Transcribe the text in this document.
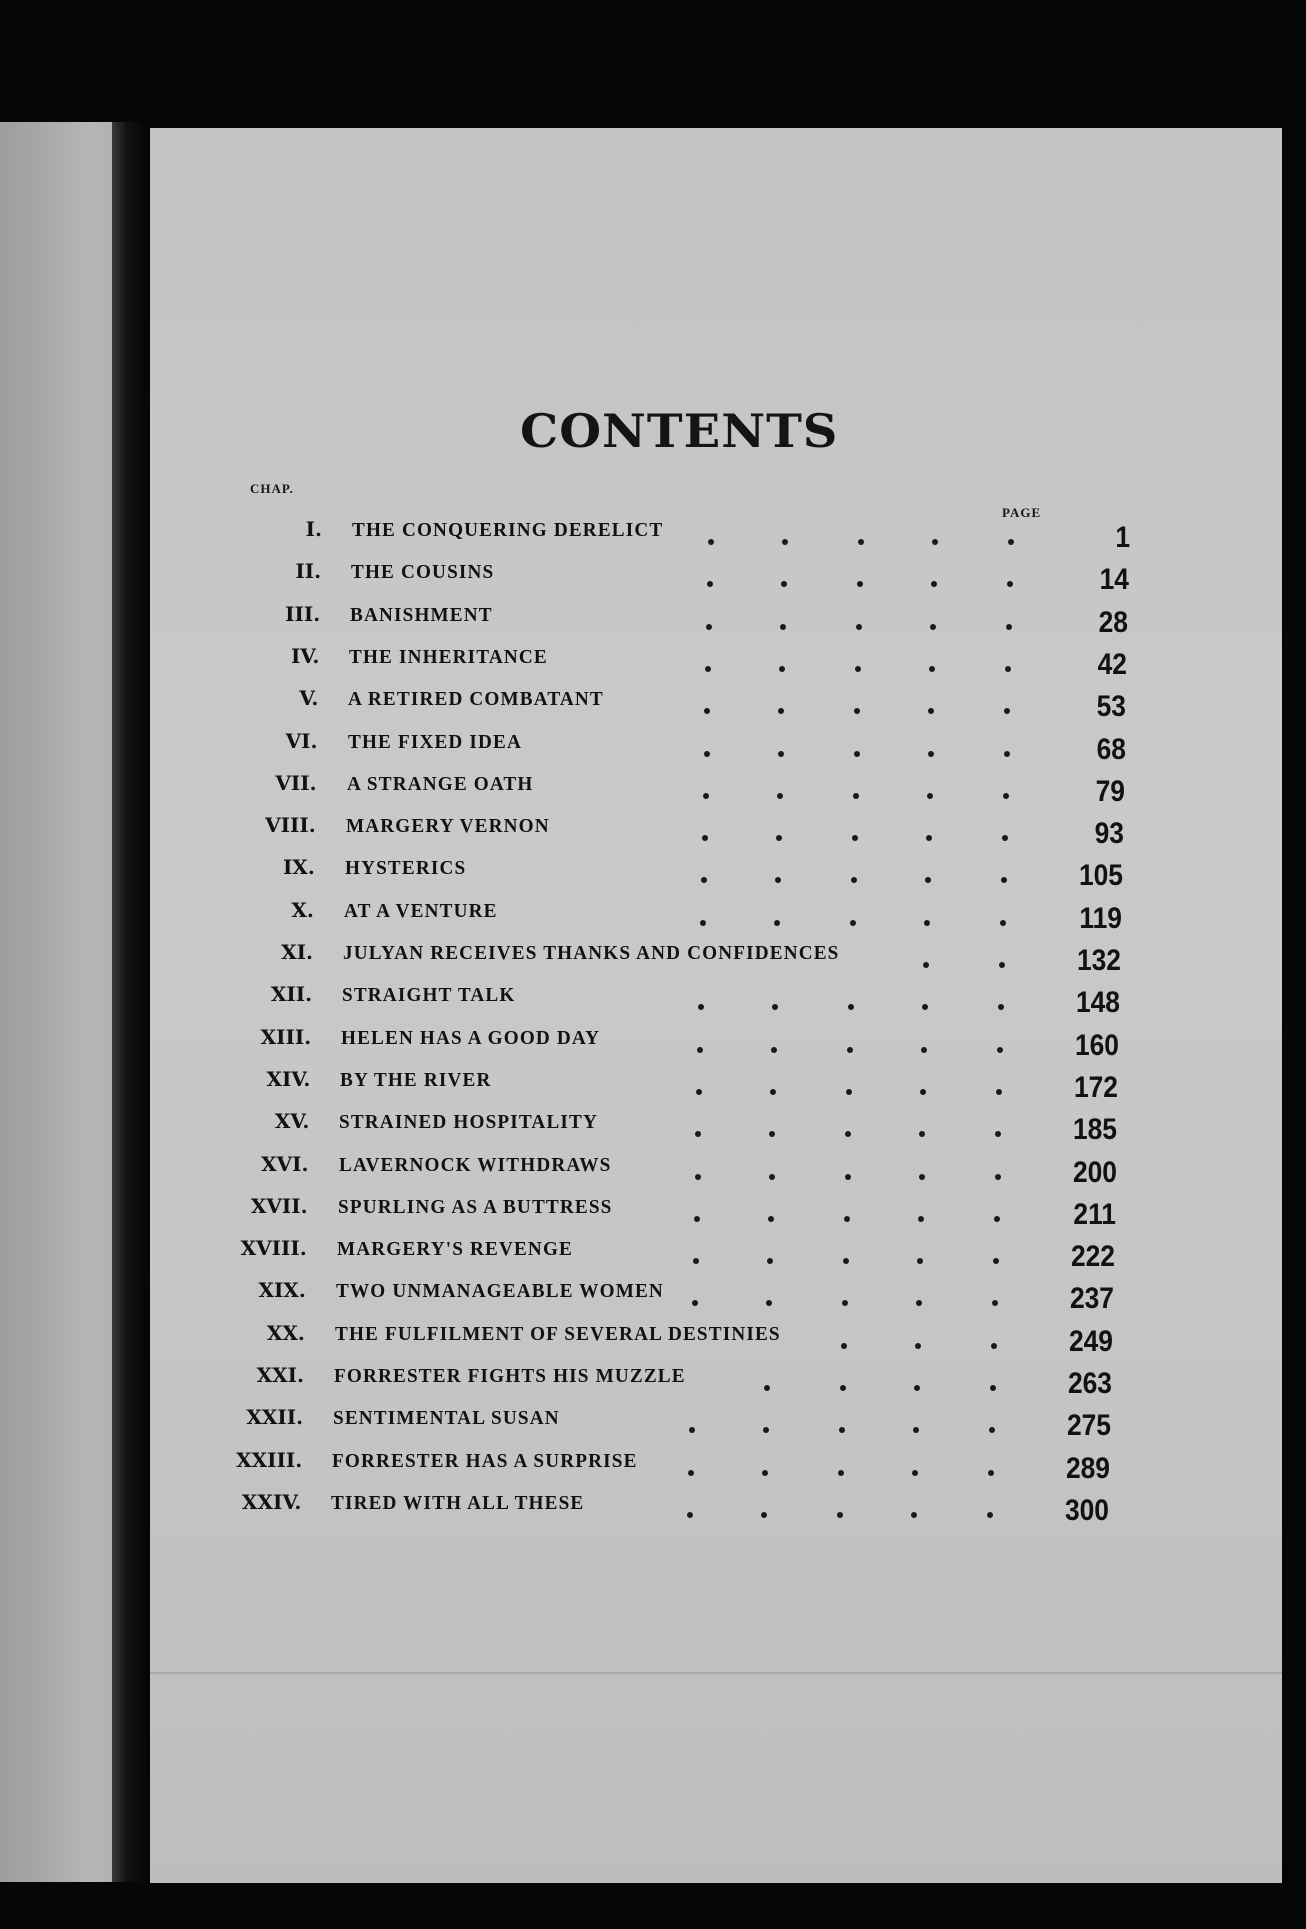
CONTENTS
CHAP.
PAGE
I. THE CONQUERING DERELICT	1
II. THE COUSINS	14
III. BANISHMENT	28
IV. THE INHERITANCE	42
V. A RETIRED COMBATANT	53
VI. THE FIXED IDEA	68
VII. A STRANGE OATH	79
VIII. MARGERY VERNON	93
IX. HYSTERICS	105
X. AT A VENTURE	119
XI. JULYAN RECEIVES THANKS AND CONFIDENCES	132
XII. STRAIGHT TALK	148
XIII. HELEN HAS A GOOD DAY	160
XIV. BY THE RIVER	172
XV. STRAINED HOSPITALITY	185
XVI. LAVERNOCK WITHDRAWS	200
XVII. SPURLING AS A BUTTRESS	211
XVIII. MARGERY'S REVENGE	222
XIX. TWO UNMANAGEABLE WOMEN	237
XX. THE FULFILMENT OF SEVERAL DESTINIES	249
XXI. FORRESTER FIGHTS HIS MUZZLE	263
XXII. SENTIMENTAL SUSAN	275
XXIII. FORRESTER HAS A SURPRISE	289
XXIV. TIRED WITH ALL THESE	300
